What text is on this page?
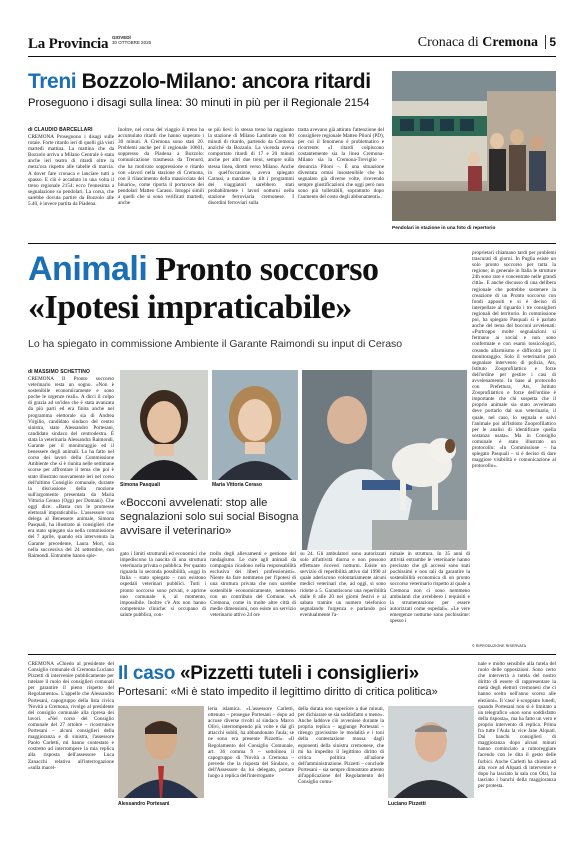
La Provincia GIOVEDÌ
30 OTTOBRE 2025	Cronaca di Cremona 5
Treni Bozzolo-Milano: ancora ritardi
Proseguono i disagi sulla linea: 30 minuti in più per il Regionale 2154
di CLAUDIO BARCELLARI
CREMONA Proseguono i disagi sulle rotaie. Forte ritardo ieri di quelli già visti martedì mattina. La mattina che da Bozzolo arriva a Milano Centrale è stata anche ieri teatro di ritardi oltre la mezz'ora rispetto alle tabelle di marcia. A dover fare cronaca e lanciare tutti a spasso. E ciò è accaduto in una volta il treno regionale 2154: ecco l'ennesima a segnalazione su pendolari. La corsa, che sarebbe dovuta partire da Bozzolo alle 5.40, è invece partita da Piadena.
Inoltre, nel corso del viaggio il treno ha accumulato ritardi che hanno superato i 30 minuti. A Cremona sono stati 20. Problemi anche per il regionale 10601, soppresso da Piadena a Bozzolo: comunicazione trasmessa da Trenord, che ha motivato soppressione e ritardo con «lavori nella stazione di Cremona, con il rilascimento della massicciata del binario», come riporta il portavoce dei pendolari Matteo Carassi. Intoppi simili a quelli che si sono verificati martedì, anche
se più lievi: lo stesso treno ha raggiunto la stazione di Milano Lambrate con 80 minuti di ritardo, partendo da Cremona anziché da Bozzolo. La vicenda aveva comportato ritardi di 17 e 20 minuti anche per altri due treni, sempre sulla stessa linea, diretti verso Milano. Anche in quell'occasione, aveva spiegato Carassi, a mandare in tilt i programmi dei viaggiatori sarebbero stati probabilmente i lavori notturni nella stazione ferroviaria cremonese. I disordini ferroviari sulla
tratta avevano già attirato l'attenzione del consigliere regionale Matteo Piloni (PD), per cui il fenomeno è problematico e ricorrente: «I ritardi colpiscono costantemente sia la linea Cremona-Milano sia la Cremona-Treviglio – denuncia Piloni –. È una situazione diventata ormai insostenibile che ho segnalato già diverse volte, ricevendo sempre giustificazioni che oggi però non sono più tollerabili, soprattutto dopo l'aumento del costo degli abbonamenti».
Pendolari in stazione in una foto di repertorio
Animali Pronto soccorso
«Ipotesi impraticabile»
Lo ha spiegato in commissione Ambiente il Garante Raimondi su input di Ceraso
di MASSIMO SCHETTINO
CREMONA Il Pronto soccorso veterinario resta un sogno. «Non è sostenibile economicamente e sono poche le urgenze reali». A dirci il colpo di grazia ad un'idea che è stata avanzata da più parti ed era finita anche nel programma elettorale sia di Andrea Virgilio, candidato sindaco del centro sinistra, stato Alessandro Portesani, candidato sindaco del centrodestra. È stata la veterinaria Alessandra Raimondi, Garante per il monitoraggio ed il benessere degli animali. Lo ha fatto nel corso dei lavori della Commissione Ambiente che si è riunita nelle settimane scorse per affrontare il tema che poi è stato illustrato nuovamente ieri nel corso dell'ultimo Consiglio comunale, durante la discussione della mozione sull'argomento presentata da Maria Vittoria Ceraso (Oggi per Domani). Che oggi dice: «Basta con le promesse elettorali impraticabili». L'assessore con delega al Benessere animale, Simona Pasquali, ha illustrato ai consiglieri che era stato spiegato sia nella commissione del 7 aprile, quando era intervenuta la Garante precedente, Laura Mori, sia nella successiva del 24 settembre, con Raimondi. Entrambe hanno spie-
Simona Pasquali	Maria Vittoria Ceraso
proprietari chiamano tardi per problemi trascurati di giorni. In Puglia esiste un solo pronto soccorso per tutta la regione; in generale in Italia le strutture 24h sono rare e concentrate nelle grandi città». E anche discusso di una delibera regionale che potrebbe sostenere la creazione di un Pronto soccorso con fondi appositi e si è deciso di interpellare al riguardo i tre consiglieri regionali del territorio. In commissione poi, ha spiegato Pasquali si è parlato anche del tema del bocconi avvelenati: «Purtroppo molte segnalazioni si fermano ai social e non sono confermate e con esami tossicologici, creando allarmismo e difficoltà per il monitoraggio. Solo il veterinario può segnalare intervento di polizia, Ats, Istituto Zooprofilattico e forze dell'ordine per gestire i casi di avvelenamento. In base al protocollo con Prefettura, Ats, Istituto Zooprofilattico e forze dell'ordine è importante che chi sospetta che il proprio animale sia stato avvelenato deve portarlo dal suo veterinario, il quale, nel caso, lo segnala e salvi l'animale poi all'Istituto Zooprofilattico per le analisi di identificare quella sostanza usata». Ma in Consiglio comunale è stato illustrato un protocollo; «In Commissione – ha spiegato Pasquali – si è deciso di dare maggiore visibilità e comunicazione al protocollo».
«Bocconi avvelenati: stop alle segnalazioni solo sui social Bisogna avvisare il veterinario»
gato i limiti strutturali ed economici che impediscono la nascita di una struttura veterinaria privata o pubblica. Per quanto riguarda la seconda possibilità, «oggi in Italia – stato spiegato – non esistono ospedali veterinari pubblici. Tutti i pronto soccorso sono privati, e aprirne uno comunale è, al momento, impossibile. Inoltre c'è Ats non hanno competenze cliniche: si occupano di salute pubblica, con-
trollo degli allevamenti e gestione del randagismo. Le cure agli animali da compagnia ricadono nella responsabilità esclusiva dei liberi professionisti». Niente da fare nemmeno per l'ipotesi di una struttura privata che non sarebbe sostenibile economicamente, nemmeno con un contributo del Comune. «A Cremona, come in molte altre città di medie dimensioni, non esiste un servizio veterinario attivo 24 ore
su 24. Gli ambulatori sono autorizzati solo all'attività diurna e non possono effettuare ricoveri notturni. Esiste un servizio di reperibilità attivo dal 1990 al quale aderiscono volontariamente alcuni medici veterinari che, ad oggi, si sono ridotte a 5. Garantiscono una reperibilità dalle 8 alle 20 nei giorni festivi e al sabato tramite un numero telefonico segnalando l'urgenza e parlando poi eventualmente l'a-
nimale in struttura. In 35 anni di attività entrambe le veterinarie hanno precisato che gli accessi sono stati pochissimi e non tali da garantire la sostenibilità economica di un pronto soccorso veterinario rispetto al quale a Cremona non ci sono nemmeno ambulanti che avrebbero i requisiti e la strumentazione per essere autorizzati come ospedali». «Le vere emergenze notturne sono pochissime: spesso i
© RIPRODUZIONE RISERVATA
CREMONA «Chiedo al presidente del Consiglio comunale di Cremona Luciano Pizzetti di intervenire pubblicamente per tutelare il ruolo dei consiglieri comunali per garantire il pieno rispetto del Regolamento». L'appello che Alessandro Portesani, capogruppo della lista civica 'Novità a Cremona, rivolge al presidente del consiglio comunale alla ripresa dei lavori. «Nel corso del Consiglio comunale del 27 ottobre – ricostruisce Portesani – alcuni consiglieri della maggioranza e di sinistra, l'assessore Paolo Carletti, mi hanno contestato e costretto ad interrompere la mia replica alla risposta dell'assessore Luca Zanacchi relativa all'interrogazione «sulla macel-
Il caso «Pizzetti tuteli i consiglieri»
Portesani: «Mi è stato impedito il legittimo diritto di critica politica»
Alessandro Portesani
leria islamica. «L'assessore Carletti, ottenuto – prosegue Portesani – dopo ad accuse diverse rivolti al sindaco Marco Olivi, interrompendo più volte e dai gli attacchi subiti, ha abbandonato l'aula; se ne sono era presente Pizzetti». «Il Regolamento del Consiglio Comunale, art. 36 comma 9 – sottolinea il capogruppo di 'Novità a Cremona – prevede che la risposta del Sindaco, o dell'Assessore da lui delegato, portare luogo a replica dell'interrogante
della durata non superiore a due minuti, per dichiarare se sia soddisfatto o meno». Anche laddove ciò avvenisse durante la propria replica – aggiunge Portesani – ritengo gravissime le modalità e i toni della contestazione mossa dagli esponenti della sinistra cremonese, che mi ha impedito il legittimo diritto di critica politica all'azione dell'amministrazione. Pizzetti – conclude Portesani – sia sempre dimostrato attento all'applicazione del Regolamento del Consiglio comu-
Luciano Pizzetti
nale e molto sensibile alla tutela del ruolo delle opposizioni. Sono certo che interverrà a tutela del nostro diritto di essere di rappresentare la metà degli elettori cremonesi che ci hanno scelto nell'anno scorso alle elezioni». Il 'caso' è scoppiato lunedì, quando Portesani non si è limitato a un telegrafico «non sono soddisfatto della risposta», ma ha fatto un vero e proprio intervento di replica. Prima fra tutte l'Aula la vice Jane Alquati. Dai banchi consiglieri di maggioranza dopo alcuni minuti hanno cominciato a rumoreggiare facendo con le dita il gesto delle forbici. Anche Carletti ha chiesto ad alta voce ad Alquati di intervenire e dopo ha lasciato la sala con Olzi, ha lasciato i banchi della maggioranza per protesta.
